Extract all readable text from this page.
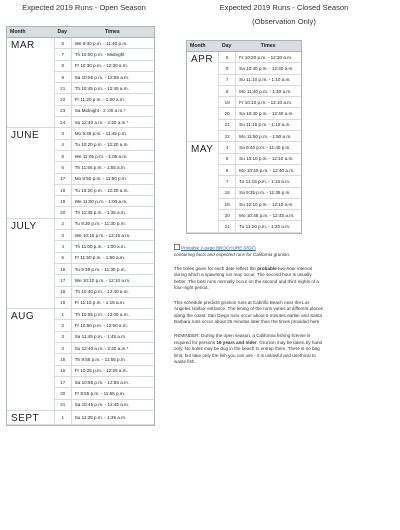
Expected 2019 Runs - Open Season
Month	Day	Times
MAR	6	We 9:40 p.m. - 11:40 p.m.
	7	Th 10:00 p.m. - Midnight
	8	Fr 10:30 p.m. - 12:30 a.m.
	9	Sa 10:55 p.m. - 12:55 a.m.
	21	Th 10:45 p.m. - 12:45 a.m.
	22	Fr 11:20 p.m. - 1:20 a.m.
	23	Sa Midnight - 2 :00 a.m.*
	24	Su 12:40 a.m. - 2:40 a.m.*
JUNE	3	Mo 9:45 p.m. - 11:45 p.m.
	4	Tu 10:20 p.m. - 12:20 a.m.
	5	We 11:05 p.m. - 1:05 a.m.
	6	Th 11:55 p.m. - 1:55 a.m.
	17	Mo 9:50 p.m. - 11:50 p.m.
	18	Tu 10:20 p.m. - 12:20 a.m.
	19	We 11:00 p.m. - 1:00 a.m.
	20	Th 11:35 p.m. - 1:35 a.m.
JULY	2	Tu 9:30 p.m. - 11:30 p.m.
	3	We 10:15 p.m. - 12:15 a.m.
	4	Th 11:00 p.m. - 1:00 a.m.
	5	Fr 11:50 p.m. - 1:50 a.m.
	16	Tu 9:35 p.m. - 11:35 p.m.
	17	We 10:10 p.m. - 12:10 a.m.
	18	Th 10:40 p.m. - 12:40 a.m.
	19	Fr 11:15 p.m. - 1:15 a.m.
AUG	1	Th 10:05 p.m. - 12:05 a.m.
	2	Fr 10:50 p.m. - 12:50 a.m.
	3	Sa 11:45 p.m. - 1:45 a.m.
	4	Su 12:40 a.m. - 2:40 a.m.*
	15	Th 9:55 p.m. - 11:55 p.m.
	16	Fr 10:25 p.m. - 12:25 a.m.
	17	Sa 10:55 p.m. - 12:55 a.m.
	30	Fr 9:55 p.m. - 11:55 p.m.
	31	Sa 10:45 p.m. - 12:45 a.m.
SEPT	1	Su 11:35 p.m. - 1:35 a.m.
Expected 2019 Runs - Closed Season
(Observation Only)
Month	Day	Times
APR	5	Fr 10:20 p.m. - 12:20 a.m.
	6	Sa 10:40 p.m. - 12:40 a.m.
	7	Su 11:10 p.m. - 1:10 a.m.
	8	Mo 11:40 p.m. - 1:40 a.m.
	19	Fr 10:10 p.m. - 12:10 a.m.
	20	Sa 10:40 p.m. - 12:40 a.m.
	21	Su 11:15 p.m. - 1:15 a.m.
	22	Mo 11:50 p.m. - 1:50 a.m.
MAY	4	Sa 9:40 p.m. - 11:40 p.m.
	5	Su 10:10 p.m. - 12:10 a.m.
	6	Mo 10:40 p.m. - 12:40 a.m.
	7	Tu 11:15 p.m. - 1:15 a.m.
	18	Sa 9:35 p.m. - 11:35 p.m.
	19	Su 10:10 p.m. - 12:10 a.m.
	20	Mo 10:45 p.m. - 12:45 a.m.
	21	Tu 11:20 p.m. - 1:20 a.m.

Printable 2-page BROCHURE (PDF)
containing facts and expected runs for California grunion.

The times given for each date reflect the probable two-hour interval during which a spawning run may occur. The second hour is usually better. The best runs normally occur on the second and third nights of a four-night period.

This schedule predicts grunion runs at Cabrillo Beach near the Los Angeles Harbor entrance. The timing of the runs varies at different places along the coast: San Diego runs occur about 5 minutes earlier and Santa Barbara runs occur about 25 minutes later than the times provided here.

REMINDER: During the open season, a California fishing license is required for persons 16 years and older. Grunion may be taken by hand only. No holes may be dug in the beach to entrap them. There is no bag limit, but take only the fish you can use - it is unlawful and unethical to waste fish.
